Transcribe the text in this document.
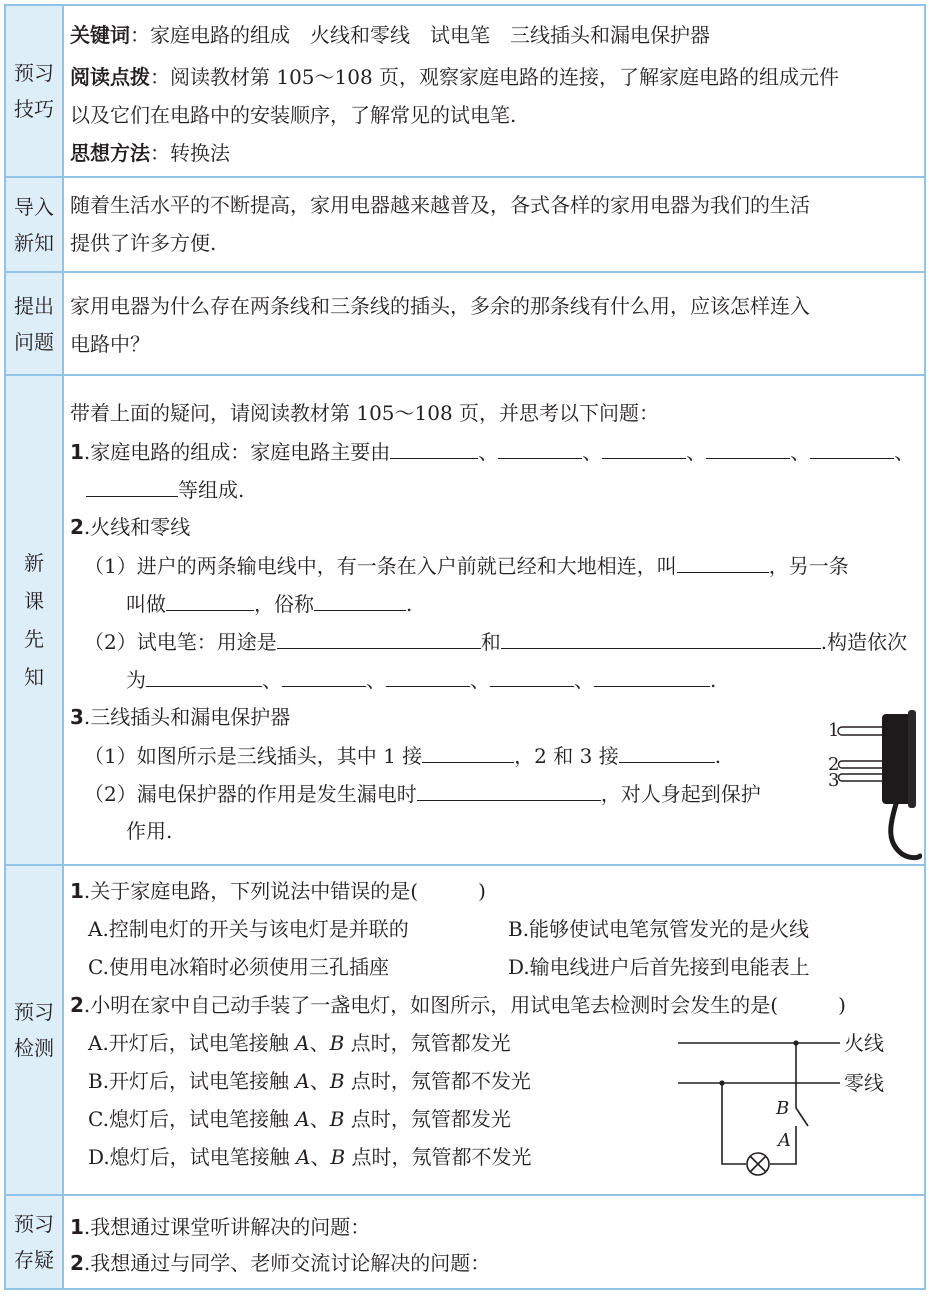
预习
技巧
关键词：家庭电路的组成　火线和零线　试电笔　三线插头和漏电保护器
阅读点拨：阅读教材第 105～108 页，观察家庭电路的连接，了解家庭电路的组成元件
以及它们在电路中的安装顺序，了解常见的试电笔.
思想方法：转换法
导入
新知
随着生活水平的不断提高，家用电器越来越普及，各式各样的家用电器为我们的生活
提供了许多方便.
提出
问题
家用电器为什么存在两条线和三条线的插头，多余的那条线有什么用，应该怎样连入
电路中？
新
课
先
知
带着上面的疑问，请阅读教材第 105～108 页，并思考以下问题：
1.家庭电路的组成：家庭电路主要由	、	、	、	、	、
等组成.
2.火线和零线
（1）进户的两条输电线中，有一条在入户前就已经和大地相连，叫	，另一条
叫做	，俗称	.
（2）试电笔：用途是	和	.构造依次
为	、	、	、	、	.
3.三线插头和漏电保护器
（1）如图所示是三线插头，其中 1 接	，2 和 3 接	.
（2）漏电保护器的作用是发生漏电时	，对人身起到保护
作用.
1
2
3
预习
检测
1.关于家庭电路，下列说法中错误的是(　　　)
A.控制电灯的开关与该电灯是并联的	B.能够使试电笔氖管发光的是火线
C.使用电冰箱时必须使用三孔插座	D.输电线进户后首先接到电能表上
2.小明在家中自己动手装了一盏电灯，如图所示，用试电笔去检测时会发生的是(　　　)
A.开灯后，试电笔接触 A、B 点时，氖管都发光
B.开灯后，试电笔接触 A、B 点时，氖管都不发光
C.熄灯后，试电笔接触 A、B 点时，氖管都发光
D.熄灯后，试电笔接触 A、B 点时，氖管都不发光
火线
零线
B
A
预习
存疑
1.我想通过课堂听讲解决的问题：
2.我想通过与同学、老师交流讨论解决的问题：
